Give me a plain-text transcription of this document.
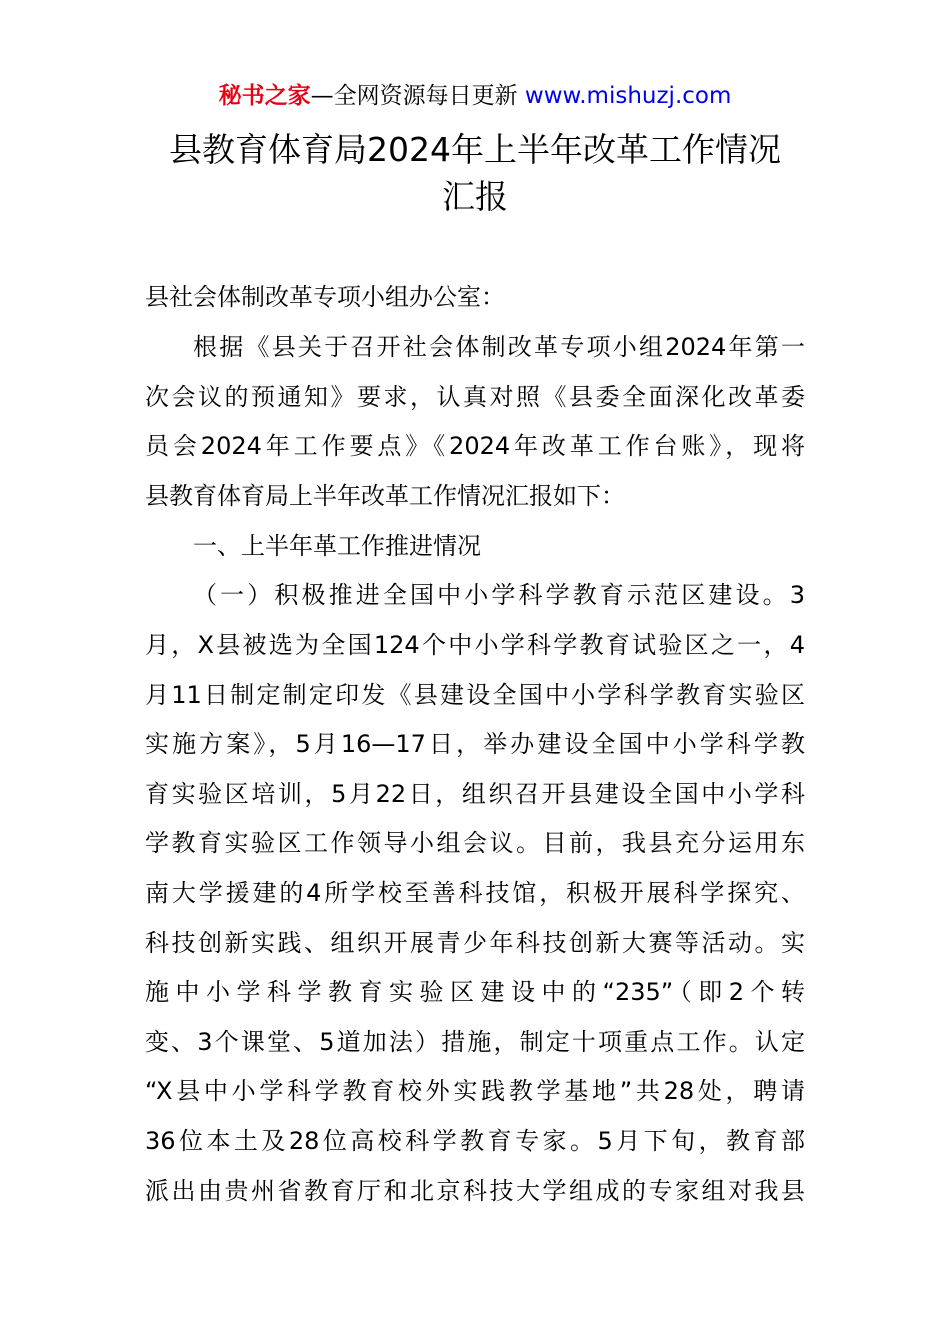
秘书之家—全网资源每日更新 www.mishuzj.com
县教育体育局2024年上半年改革工作情况
汇报
县社会体制改革专项小组办公室：
根据《县关于召开社会体制改革专项小组2024年第一
次会议的预通知》要求，认真对照《县委全面深化改革委
员会2024年工作要点》《2024年改革工作台账》，现将
县教育体育局上半年改革工作情况汇报如下：
一、上半年革工作推进情况
（一）积极推进全国中小学科学教育示范区建设。3
月，X县被选为全国124个中小学科学教育试验区之一，4
月11日制定制定印发《县建设全国中小学科学教育实验区
实施方案》，5月16—17日，举办建设全国中小学科学教
育实验区培训，5月22日，组织召开县建设全国中小学科
学教育实验区工作领导小组会议。目前，我县充分运用东
南大学援建的4所学校至善科技馆，积极开展科学探究、
科技创新实践、组织开展青少年科技创新大赛等活动。实
施中小学科学教育实验区建设中的“235”（即2个转
变、3个课堂、5道加法）措施，制定十项重点工作。认定
“X县中小学科学教育校外实践教学基地”共28处，聘请
36位本土及28位高校科学教育专家。5月下旬，教育部
派出由贵州省教育厅和北京科技大学组成的专家组对我县
